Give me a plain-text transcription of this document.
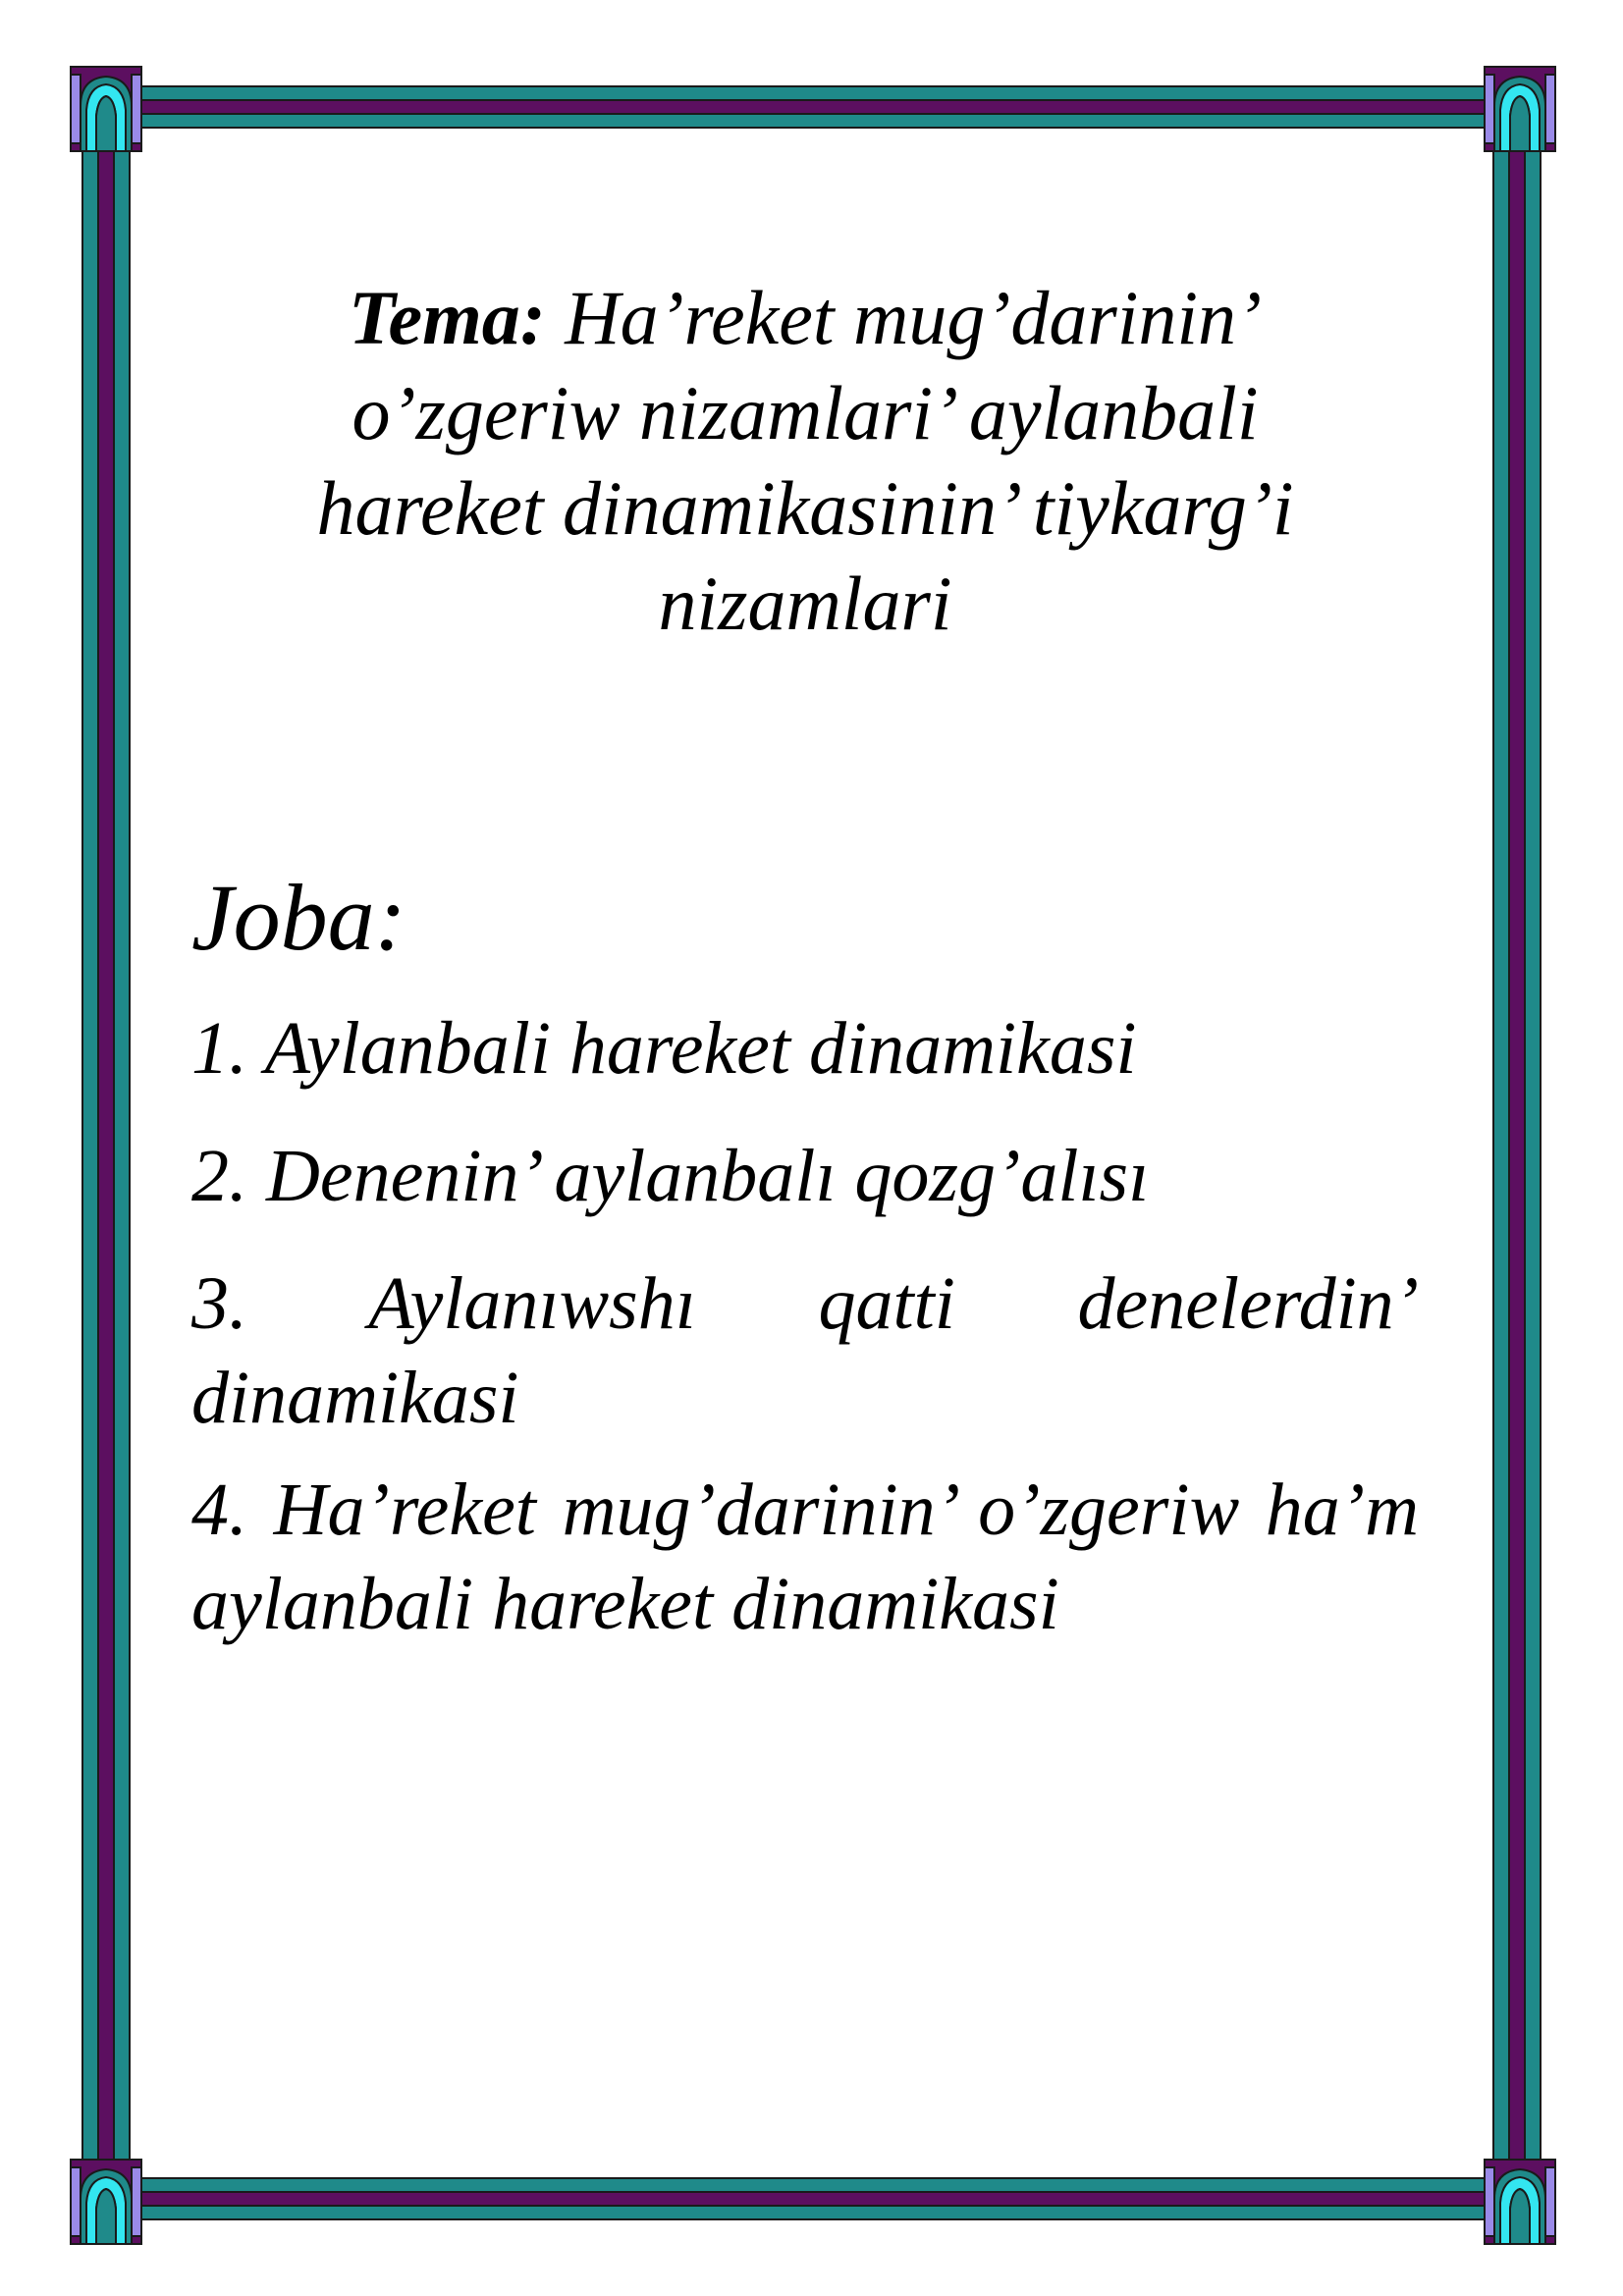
Tema: Ha’reket mug’darinin’ o’zgeriw nizamlari’ aylanbali hareket dinamikasinin’ tiykarg’i nizamlari
Joba:
1. Aylanbali hareket dinamikasi
2. Denenin’ aylanbalı qozg’alısı
3. Aylanıwshı qatti denelerdin’ dinamikasi
4. Ha’reket mug’darinin’ o’zgeriw ha’m aylanbali hareket dinamikasi
